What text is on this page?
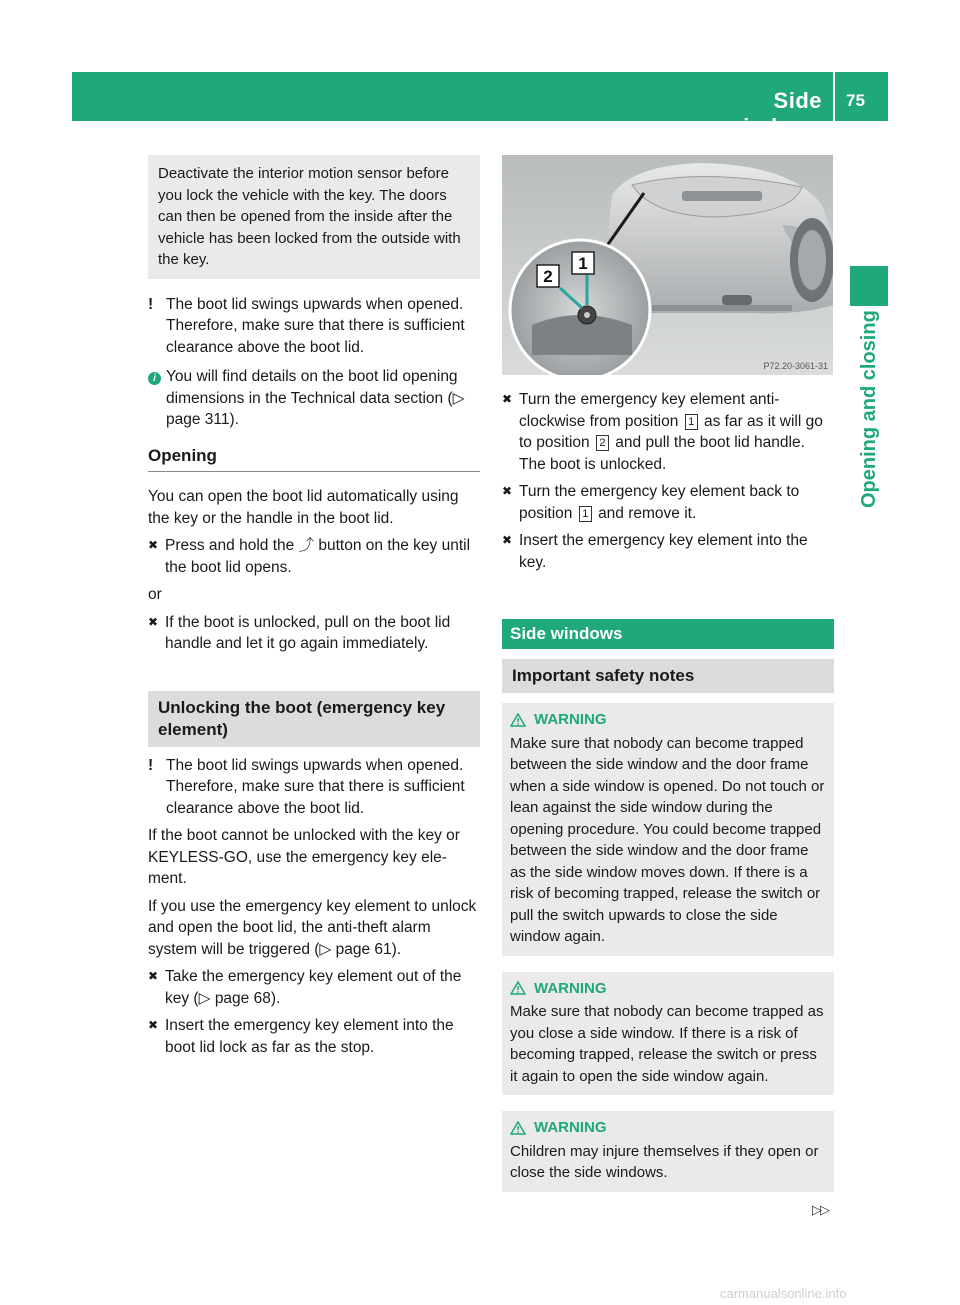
Side windows
75
Opening and closing

Deactivate the interior motion sensor before you lock the vehicle with the key. The doors can then be opened from the inside after the vehicle has been locked from the outside with the key.

! The boot lid swings upwards when opened. Therefore, make sure that there is sufficient clearance above the boot lid.
i You will find details on the boot lid opening dimensions in the Technical data section (▷ page 311).
Opening

You can open the boot lid automatically using the key or the handle in the boot lid.

✖ Press and hold the ⤴ button on the key until the boot lid opens.

or

✖ If the boot is unlocked, pull on the boot lid handle and let it go again immediately.
Unlocking the boot (emergency key element)
! The boot lid swings upwards when opened. Therefore, make sure that there is sufficient clearance above the boot lid.

If the boot cannot be unlocked with the key or KEYLESS-GO, use the emergency key element.

If you use the emergency key element to unlock and open the boot lid, the anti-theft alarm system will be triggered (▷ page 61).

✖ Take the emergency key element out of the key (▷ page 68).
✖ Insert the emergency key element into the boot lid lock as far as the stop.
1
2
P72.20-3061-31
✖ Turn the emergency key element anti-clockwise from position 1 as far as it will go to position 2 and pull the boot lid handle.
The boot is unlocked.
✖ Turn the emergency key element back to position 1 and remove it.
✖ Insert the emergency key element into the key.
Side windows
Important safety notes
WARNING

Make sure that nobody can become trapped between the side window and the door frame when a side window is opened. Do not touch or lean against the side window during the opening procedure. You could become trapped between the side window and the door frame as the side window moves down. If there is a risk of becoming trapped, release the switch or pull the switch upwards to close the side window again.

WARNING

Make sure that nobody can become trapped as you close a side window. If there is a risk of becoming trapped, release the switch or press it again to open the side window again.

WARNING

Children may injure themselves if they open or close the side windows.

▷▷
carmanualsonline.info
